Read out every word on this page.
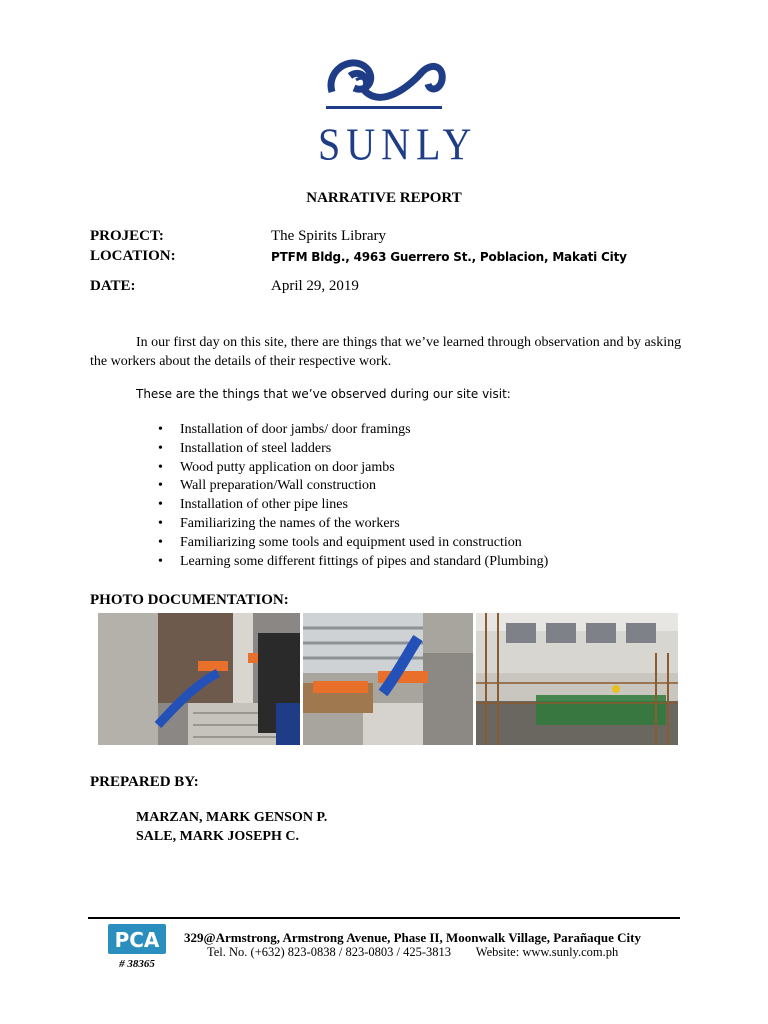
SUNLY
NARRATIVE REPORT
PROJECT:	The Spirits Library
LOCATION:	PTFM Bldg., 4963 Guerrero St., Poblacion, Makati City
DATE:	April 29, 2019
In our first day on this site, there are things that we’ve learned through observation and by asking the workers about the details of their respective work.
These are the things that we’ve observed during our site visit:
• Installation of door jambs/ door framings
• Installation of steel ladders
• Wood putty application on door jambs
• Wall preparation/Wall construction
• Installation of other pipe lines
• Familiarizing the names of the workers
• Familiarizing some tools and equipment used in construction
• Learning some different fittings of pipes and standard (Plumbing)
PHOTO DOCUMENTATION:
PREPARED BY:
MARZAN, MARK GENSON P.
SALE, MARK JOSEPH C.
PCA
# 38365
329@Armstrong, Armstrong Avenue, Phase II, Moonwalk Village, Parañaque City
Tel. No. (+632) 823-0838 / 823-0803 / 425-3813        Website: www.sunly.com.ph
